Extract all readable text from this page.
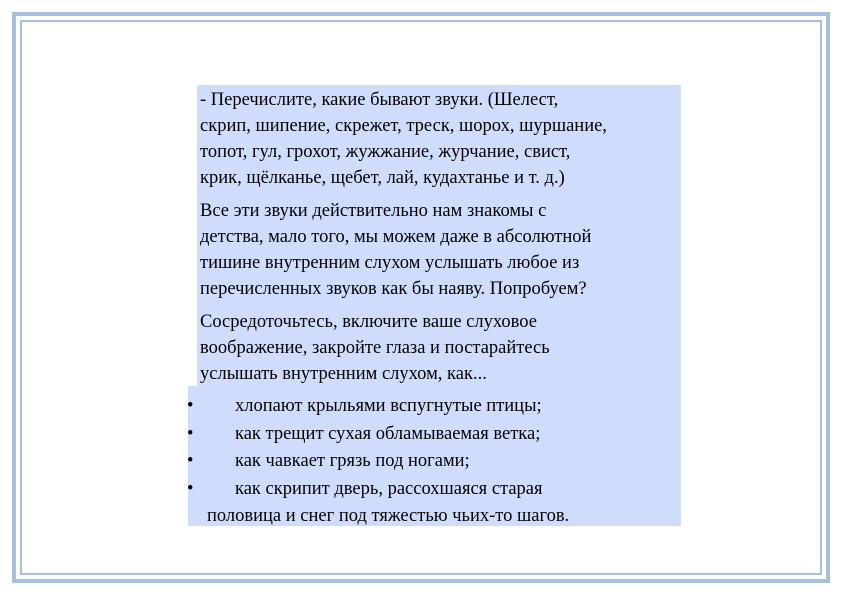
- Перечислите, какие бывают звуки. (Шелест,
скрип, шипение, скрежет, треск, шорох, шуршание,
топот, гул, грохот, жужжание, журчание, свист,
крик, щёлканье, щебет, лай, кудахтанье и т. д.)

Все эти звуки действительно нам знакомы с
детства, мало того, мы можем даже в абсолютной
тишине внутренним слухом услышать любое из
перечисленных звуков как бы наяву. Попробуем?

Сосредоточьтесь, включите ваше слуховое
воображение, закройте глаза и постарайтесь
услышать внутренним слухом, как...

• хлопают крыльями вспугнутые птицы;
• как трещит сухая обламываемая ветка;
• как чавкает грязь под ногами;
• как скрипит дверь, рассохшаяся старая
половица и снег под тяжестью чьих-то шагов.
